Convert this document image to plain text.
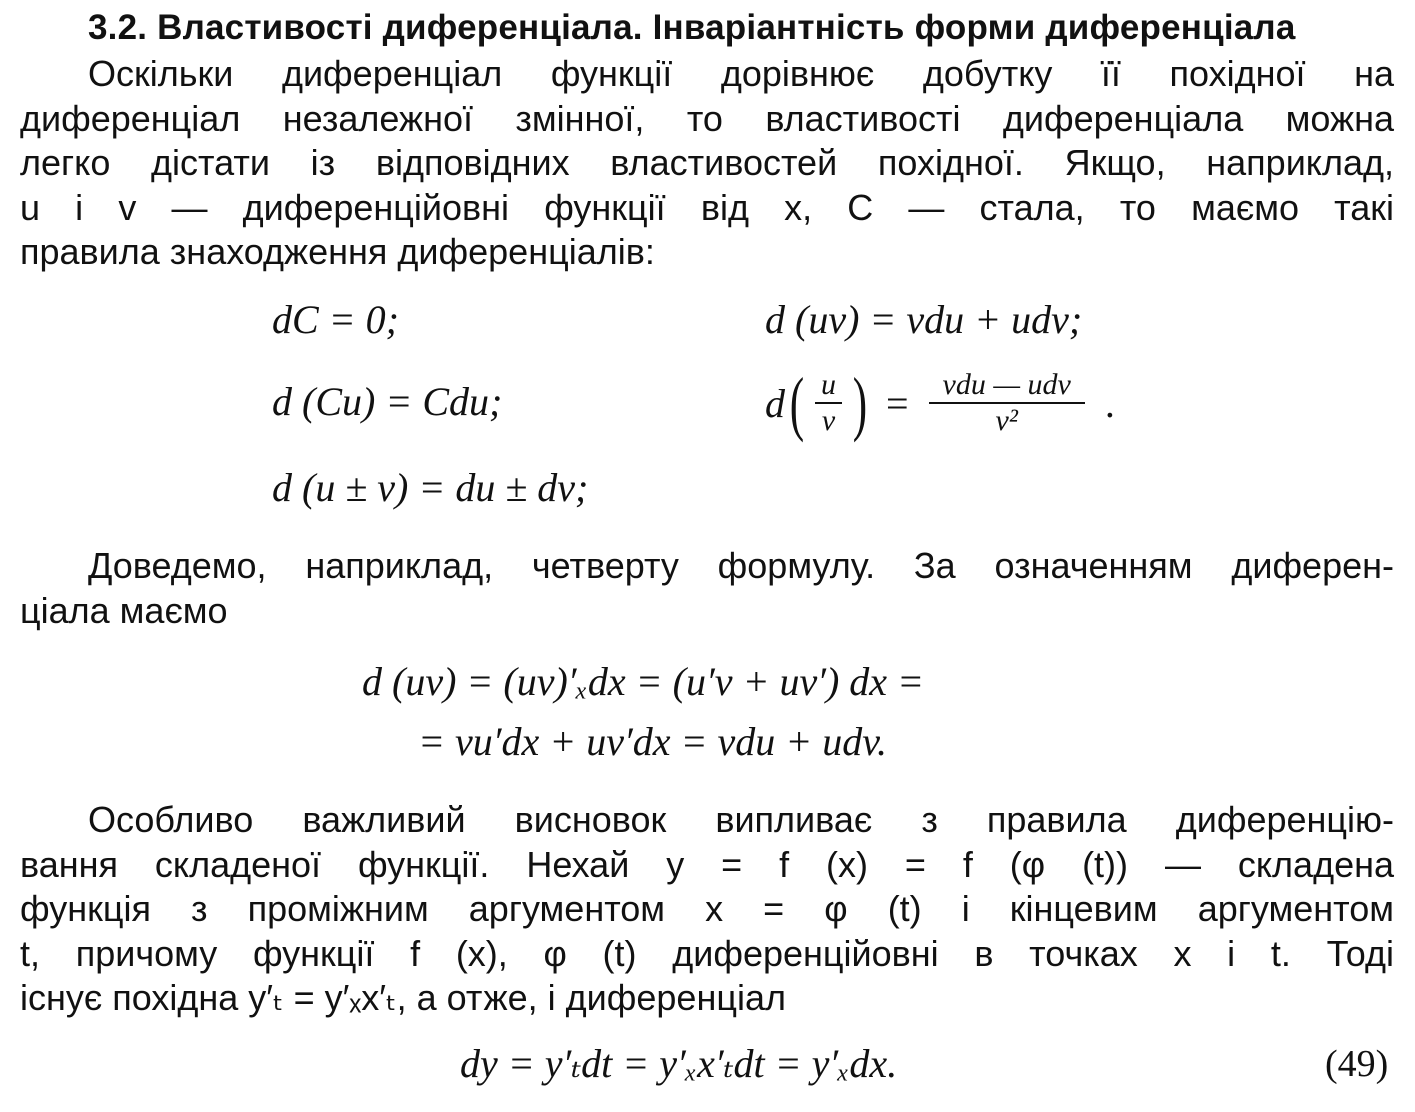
3.2. Властивості диференціала. Інваріантність форми диференціала
Оскільки диференціал функції дорівнює добутку її похідної на
диференціал незалежної змінної, то властивості диференціала можна
легко дістати із відповідних властивостей похідної. Якщо, наприклад,
u і v — диференційовні функції від x, C — стала, то маємо такі
правила знаходження диференціалів:
dC = 0;	d (uv) = vdu + udv;
d (Cu) = Cdu;	d ( $\frac{u}{v}$ ) = $\frac{\text{vdu — udv}}{\text{v²}}$ .
d (u ± v) = du ± dv;
Доведемо, наприклад, четверту формулу. За означенням диферен-
ціала маємо
d (uv) = (uv)′ₓdx = (u′v + uv′) dx =
= vu′dx + uv′dx = vdu + udv.
Особливо важливий висновок випливає з правила диференцію-
вання складеної функції. Нехай y = f (x) = f (φ (t)) — складена
функція з проміжним аргументом x = φ (t) і кінцевим аргументом
t, причому функції f (x), φ (t) диференційовні в точках x і t. Тоді
існує похідна y′ₜ = y′ₓx′ₜ, а отже, і диференціал
dy = y′ₜdt = y′ₓx′ₜdt = y′ₓdx.	(49)
